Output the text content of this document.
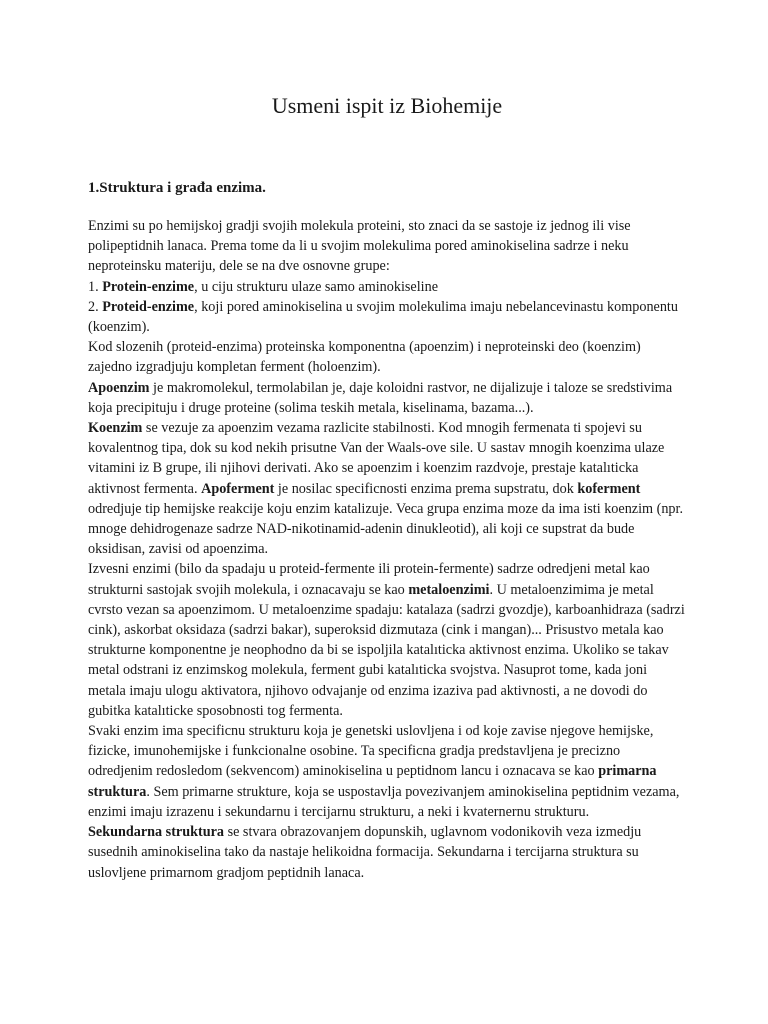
Usmeni ispit iz Biohemije
1.Struktura i građa enzima.

Enzimi su po hemijskoj gradji svojih molekula proteini, sto znaci da se sastoje iz jednog ili vise polipeptidnih lanaca. Prema tome da li u svojim molekulima pored aminokiselina sadrze i neku neproteinsku materiju, dele se na dve osnovne grupe:

1. Protein-enzime, u ciju strukturu ulaze samo aminokiseline

2. Proteid-enzime, koji pored aminokiselina u svojim molekulima imaju nebelancevinastu komponentu (koenzim).

Kod slozenih (proteid-enzima) proteinska komponentna (apoenzim) i neproteinski deo (koenzim) zajedno izgradjuju kompletan ferment (holoenzim).

Apoenzim je makromolekul, termolabilan je, daje koloidni rastvor, ne dijalizuje i taloze se sredstivima koja precipituju i druge proteine (solima teskih metala, kiselinama, bazama...).

Koenzim se vezuje za apoenzim vezama razlicite stabilnosti. Kod mnogih fermenata ti spojevi su kovalentnog tipa, dok su kod nekih prisutne Van der Waals-ove sile. U sastav mnogih koenzima ulaze vitamini iz B grupe, ili njihovi derivati. Ako se apoenzim i koenzim razdvoje, prestaje katalıticka aktivnost fermenta. Apoferment je nosilac specificnosti enzima prema supstratu, dok koferment odredjuje tip hemijske reakcije koju enzim katalizuje. Veca grupa enzima moze da ima isti koenzim (npr. mnoge dehidrogenaze sadrze NAD-nikotinamid-adenin dinukleotid), ali koji ce supstrat da bude oksidisan, zavisi od apoenzima.

Izvesni enzimi (bilo da spadaju u proteid-fermente ili protein-fermente) sadrze odredjeni metal kao strukturni sastojak svojih molekula, i oznacavaju se kao metaloenzimi. U metaloenzimima je metal cvrsto vezan sa apoenzimom. U metaloenzime spadaju: katalaza (sadrzi gvozdje), karboanhidraza (sadrzi cink), askorbat oksidaza (sadrzi bakar), superoksid dizmutaza (cink i mangan)... Prisustvo metala kao strukturne komponentne je neophodno da bi se ispoljila katalıticka aktivnost enzima. Ukoliko se takav metal odstrani iz enzimskog molekula, ferment gubi katalıticka svojstva. Nasuprot tome, kada joni metala imaju ulogu aktivatora, njihovo odvajanje od enzima izaziva pad aktivnosti, a ne dovodi do gubitka katalıticke sposobnosti tog fermenta.

Svaki enzim ima specificnu strukturu koja je genetski uslovljena i od koje zavise njegove hemijske, fizicke, imunohemijske i funkcionalne osobine. Ta specificna gradja predstavljena je precizno odredjenim redosledom (sekvencom) aminokiselina u peptidnom lancu i oznacava se kao primarna struktura. Sem primarne strukture, koja se uspostavlja povezivanjem aminokiselina peptidnim vezama, enzimi imaju izrazenu i sekundarnu i tercijarnu strukturu, a neki i kvaternernu strukturu.

Sekundarna struktura se stvara obrazovanjem dopunskih, uglavnom vodonikovih veza izmedju susednih aminokiselina tako da nastaje helikoidna formacija. Sekundarna i tercijarna struktura su uslovljene primarnom gradjom peptidnih lanaca.
